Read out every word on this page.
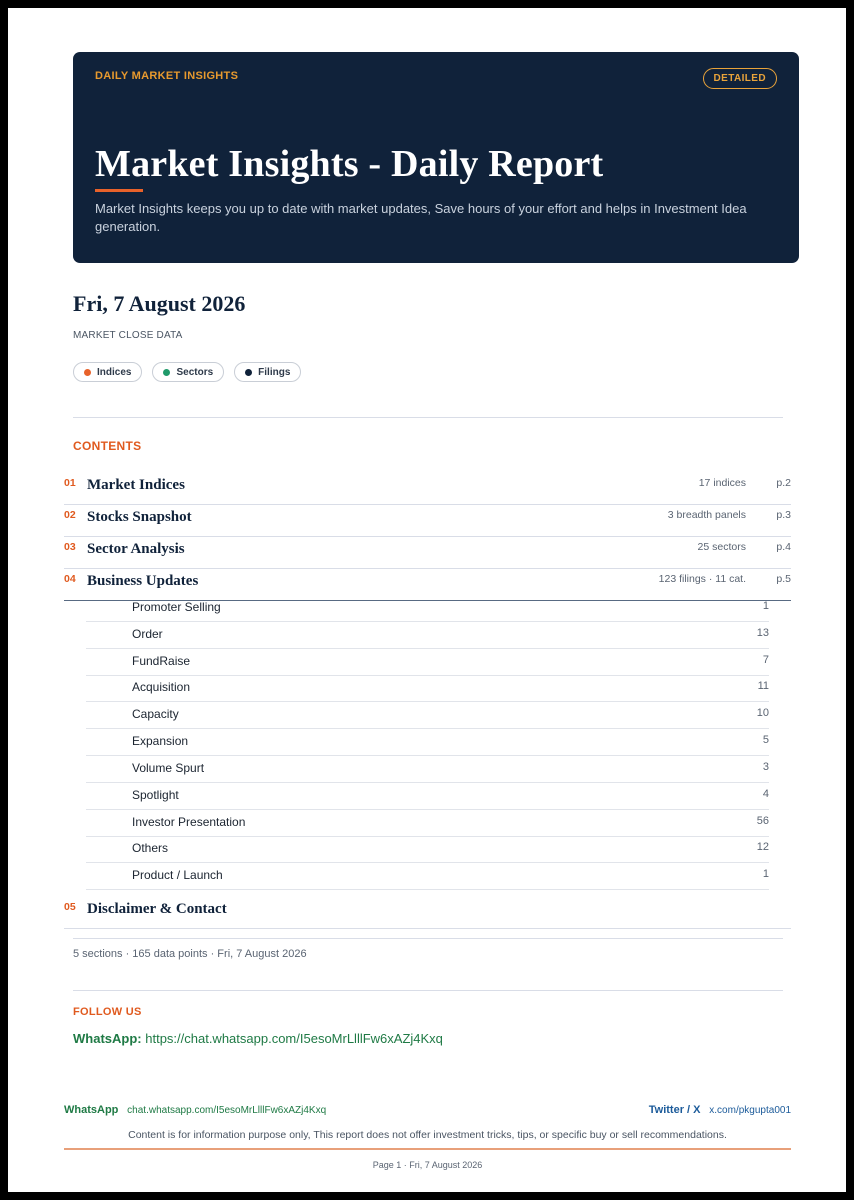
DAILY MARKET INSIGHTS	DETAILED
Market Insights - Daily Report

Market Insights keeps you up to date with market updates, Save hours of your effort and helps in Investment Idea generation.

Fri, 7 August 2026
MARKET CLOSE DATA
Indices	Sectors	Filings
CONTENTS
01 Market Indices	17 indices	p.2
02 Stocks Snapshot	3 breadth panels	p.3
03 Sector Analysis	25 sectors	p.4
04 Business Updates	123 filings · 11 cat.	p.5
Promoter Selling	1
Order	13
FundRaise	7
Acquisition	11
Capacity	10
Expansion	5
Volume Spurt	3
Spotlight	4
Investor Presentation	56
Others	12
Product / Launch	1
05 Disclaimer & Contact
5 sections · 165 data points · Fri, 7 August 2026
FOLLOW US
WhatsApp: https://chat.whatsapp.com/I5esoMrLlllFw6xAZj4Kxq
WhatsApp chat.whatsapp.com/I5esoMrLlllFw6xAZj4Kxq	Twitter / X x.com/pkgupta001
Content is for information purpose only, This report does not offer investment tricks, tips, or specific buy or sell recommendations.
Page 1 · Fri, 7 August 2026
